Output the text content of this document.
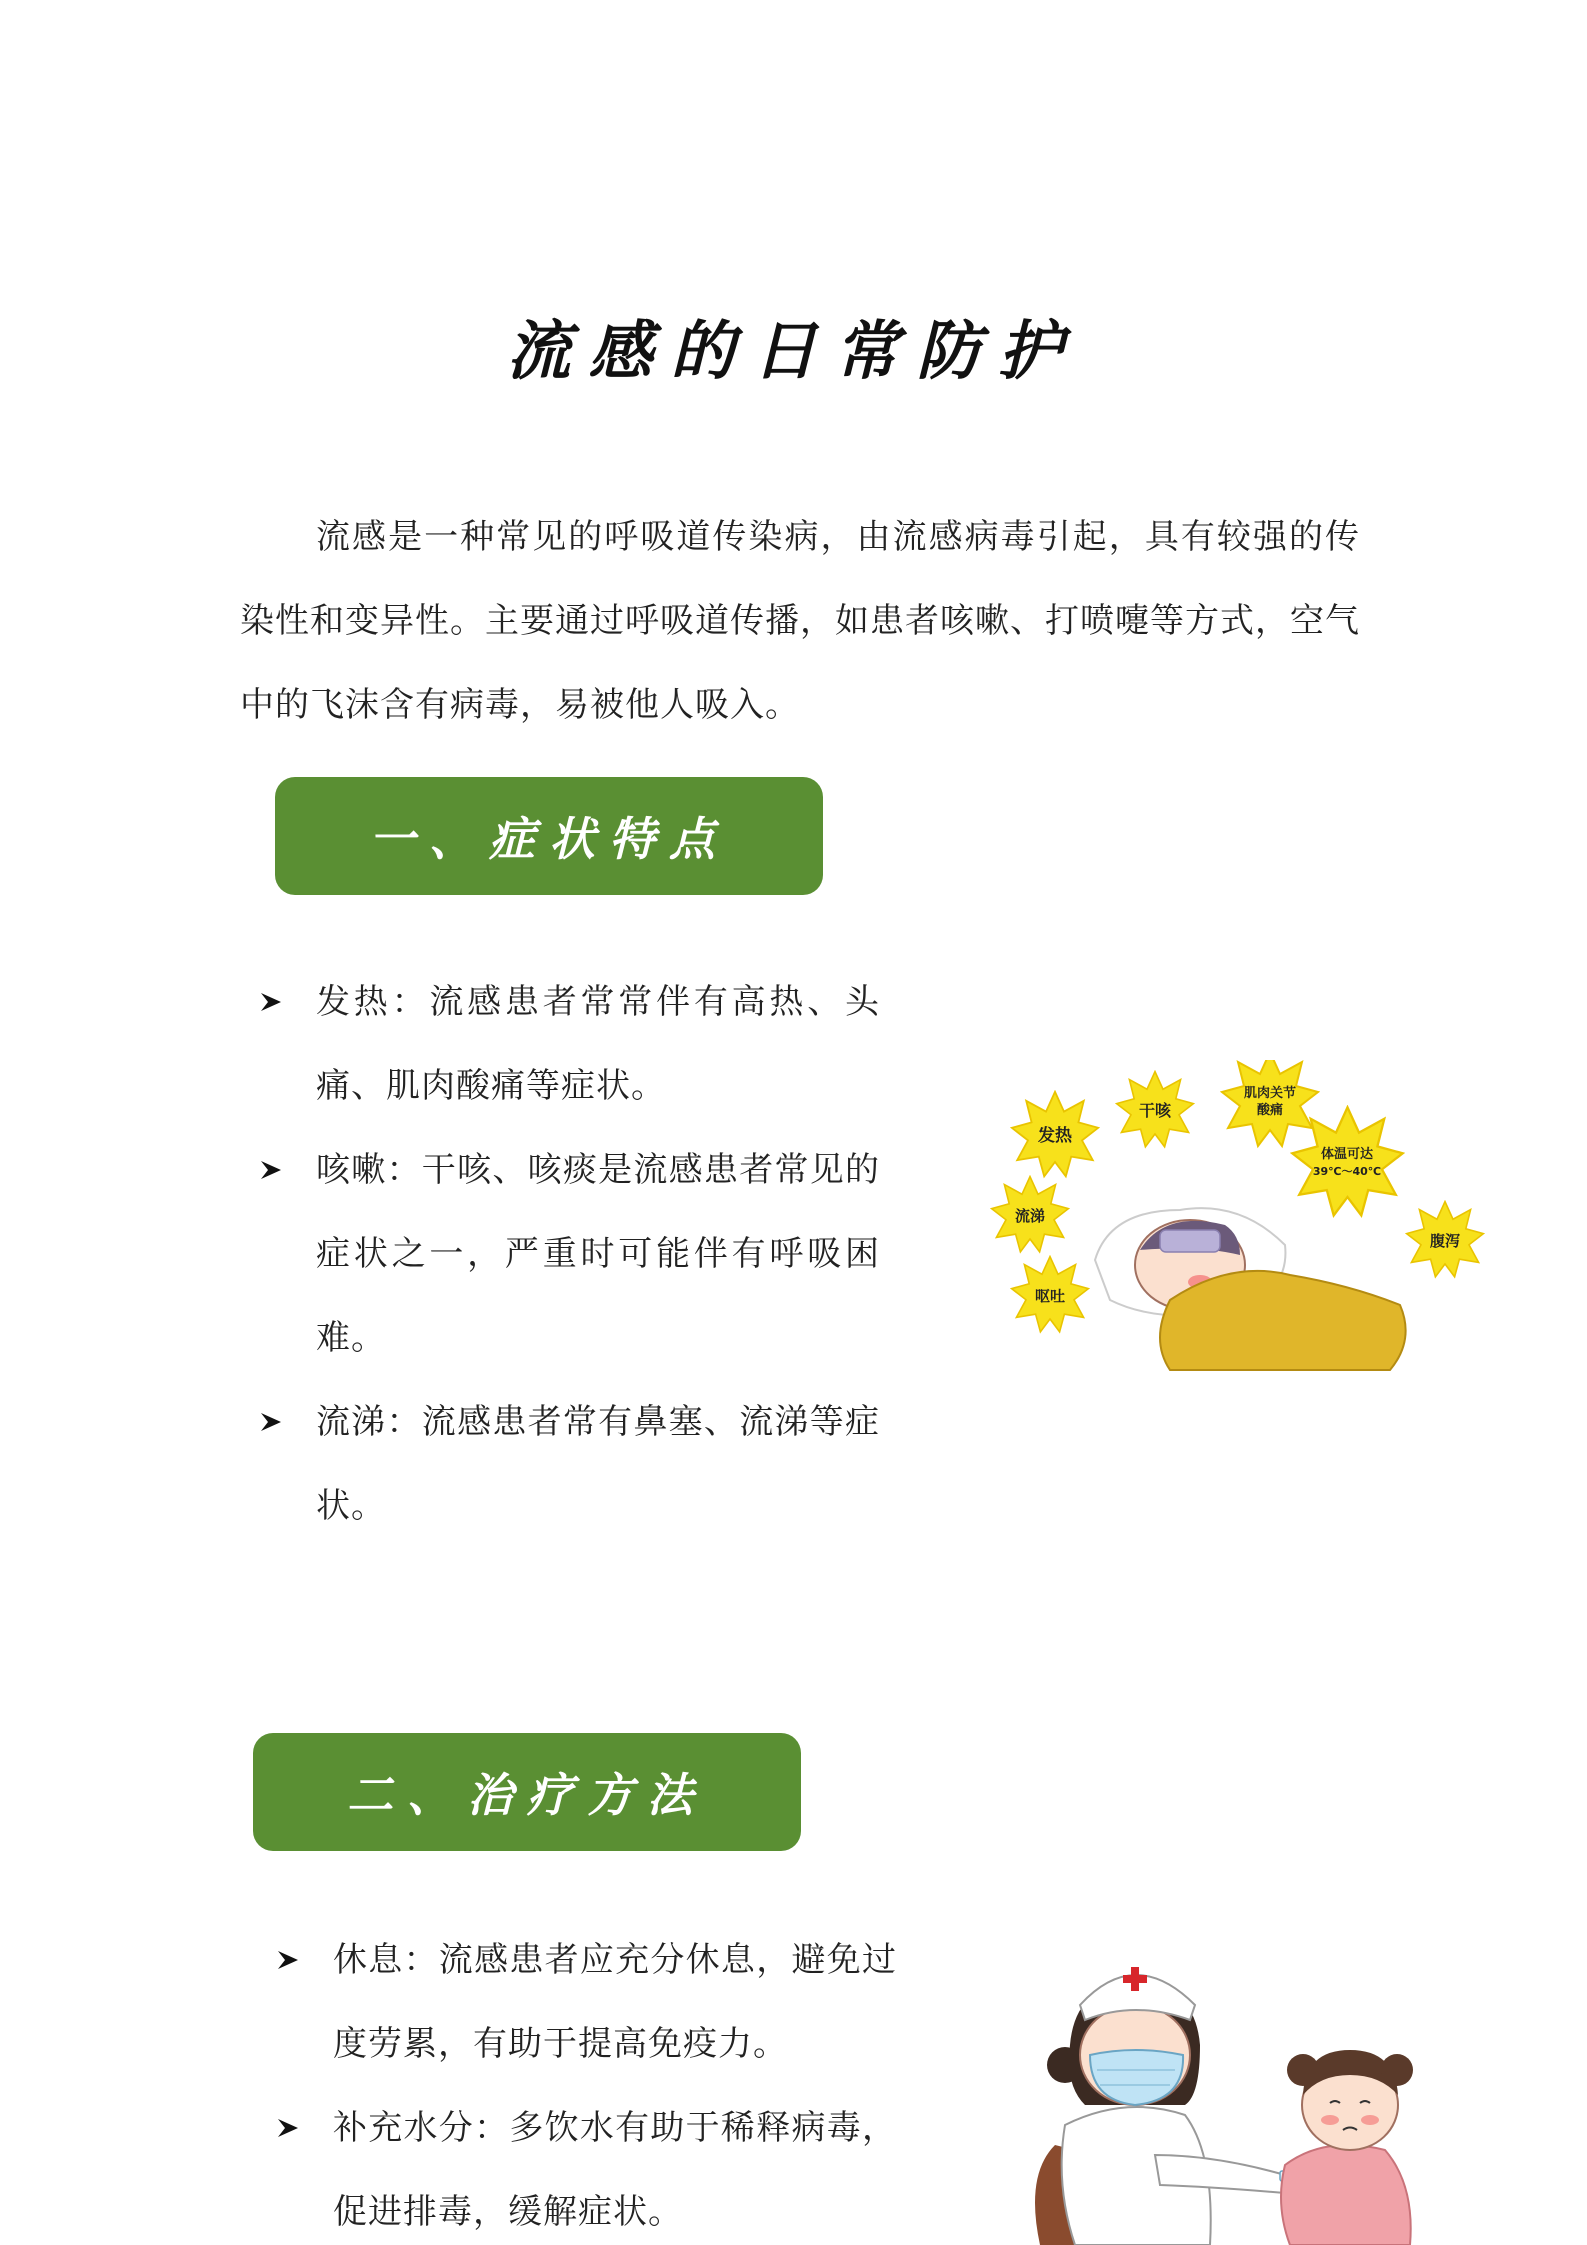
流感的日常防护

流感是一种常见的呼吸道传染病，由流感病毒引起，具有较强的传染性和变异性。主要通过呼吸道传播，如患者咳嗽、打喷嚏等方式，空气中的飞沫含有病毒，易被他人吸入。

一、症状特点
发热：流感患者常常伴有高热、头痛、肌肉酸痛等症状。
咳嗽：干咳、咳痰是流感患者常见的症状之一，严重时可能伴有呼吸困难。
流涕：流感患者常有鼻塞、流涕等症状。
发热
干咳
肌肉关节
酸痛
体温可达
39℃～40℃
流涕
腹泻
呕吐
二、治疗方法
休息：流感患者应充分休息，避免过度劳累，有助于提高免疫力。
补充水分：多饮水有助于稀释病毒，促进排毒，缓解症状。
